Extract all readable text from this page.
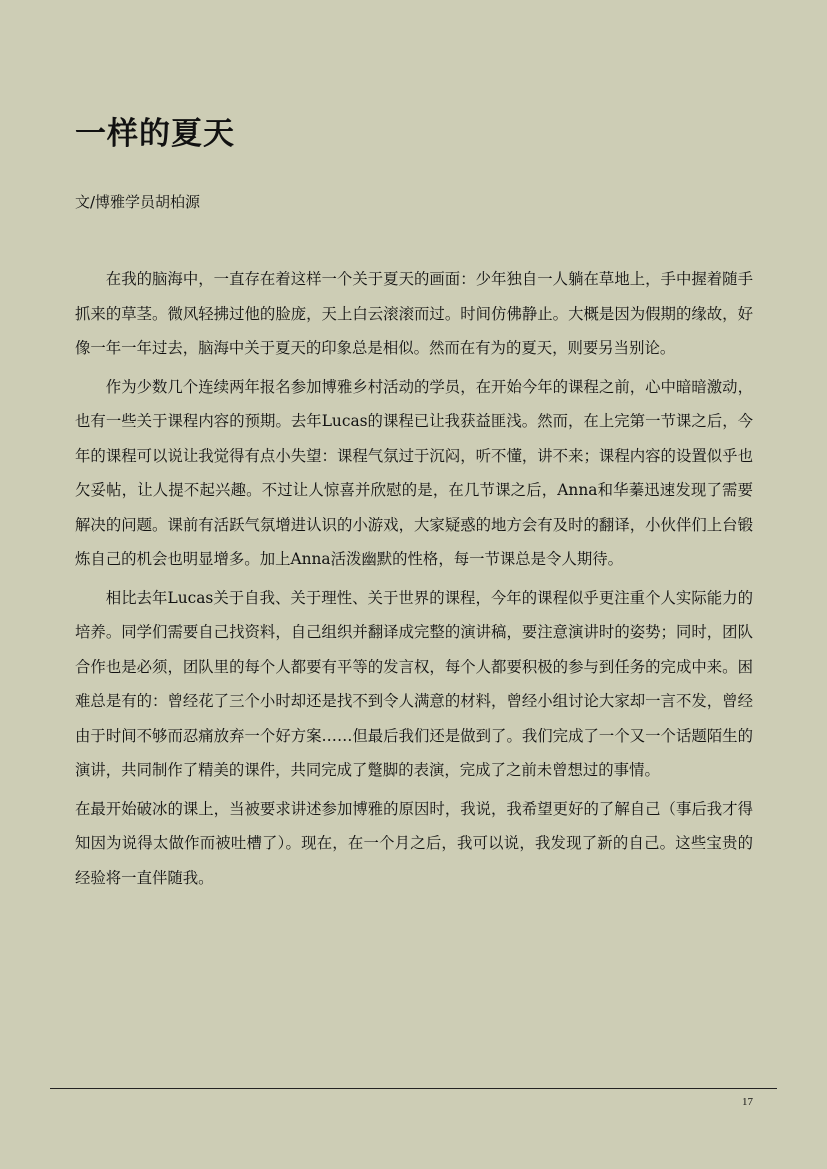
一样的夏天

文/博雅学员胡柏源

在我的脑海中，一直存在着这样一个关于夏天的画面：少年独自一人躺在草地上，手中握着随手抓来的草茎。微风轻拂过他的脸庞，天上白云滚滚而过。时间仿佛静止。大概是因为假期的缘故，好像一年一年过去，脑海中关于夏天的印象总是相似。然而在有为的夏天，则要另当别论。

作为少数几个连续两年报名参加博雅乡村活动的学员，在开始今年的课程之前，心中暗暗激动，也有一些关于课程内容的预期。去年Lucas的课程已让我获益匪浅。然而，在上完第一节课之后，今年的课程可以说让我觉得有点小失望：课程气氛过于沉闷，听不懂，讲不来；课程内容的设置似乎也欠妥帖，让人提不起兴趣。不过让人惊喜并欣慰的是，在几节课之后，Anna和华蓁迅速发现了需要解决的问题。课前有活跃气氛增进认识的小游戏，大家疑惑的地方会有及时的翻译，小伙伴们上台锻炼自己的机会也明显增多。加上Anna活泼幽默的性格，每一节课总是令人期待。

相比去年Lucas关于自我、关于理性、关于世界的课程，今年的课程似乎更注重个人实际能力的培养。同学们需要自己找资料，自己组织并翻译成完整的演讲稿，要注意演讲时的姿势；同时，团队合作也是必须，团队里的每个人都要有平等的发言权，每个人都要积极的参与到任务的完成中来。困难总是有的：曾经花了三个小时却还是找不到令人满意的材料，曾经小组讨论大家却一言不发，曾经由于时间不够而忍痛放弃一个好方案……但最后我们还是做到了。我们完成了一个又一个话题陌生的演讲，共同制作了精美的课件，共同完成了蹩脚的表演，完成了之前未曾想过的事情。

在最开始破冰的课上，当被要求讲述参加博雅的原因时，我说，我希望更好的了解自己（事后我才得知因为说得太做作而被吐槽了）。现在，在一个月之后，我可以说，我发现了新的自己。这些宝贵的经验将一直伴随我。

17
